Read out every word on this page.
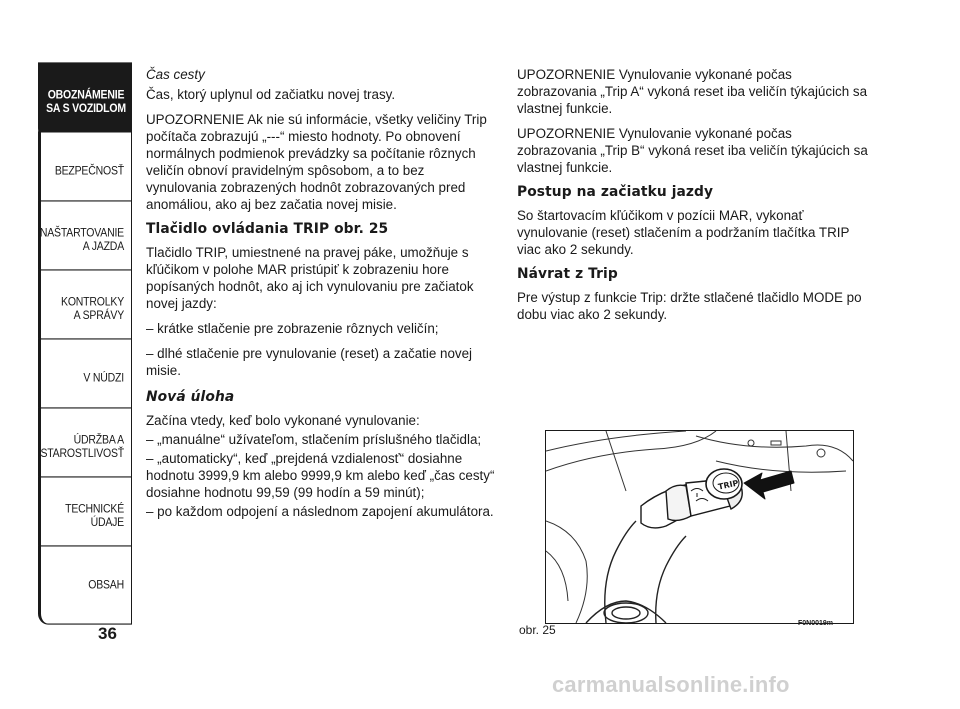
OBOZNÁMENIE
SA S VOZIDLOM
BEZPEČNOSŤ
NAŠTARTOVANIE
A JAZDA
KONTROLKY
A SPRÁVY
V NÚDZI
ÚDRŽBA A
STAROSTLIVOSŤ
TECHNICKÉ
ÚDAJE
OBSAH
36

Čas cesty

Čas, ktorý uplynul od začiatku novej trasy.

UPOZORNENIE Ak nie sú informácie, všetky veličiny Trip počítača zobrazujú „---“ miesto hodnoty. Po obnovení normálnych podmienok prevádzky sa počítanie rôznych veličín obnoví pravidelným spôsobom, a to bez vynulovania zobrazených hodnôt zobrazovaných pred anomáliou, ako aj bez začatia novej misie.

Tlačidlo ovládania TRIP obr. 25

Tlačidlo TRIP, umiestnené na pravej páke, umožňuje s kľúčikom v polohe MAR pristúpiť k zobrazeniu hore popísaných hodnôt, ako aj ich vynulovaniu pre začiatok novej jazdy:

– krátke stlačenie pre zobrazenie rôznych veličín;

– dlhé stlačenie pre vynulovanie (reset) a začatie novej misie.

Nová úloha

Začína vtedy, keď bolo vykonané vynulovanie:

– „manuálne“ užívateľom, stlačením príslušného tlačidla;

– „automaticky“, keď „prejdená vzdialenosť“ dosiahne hodnotu 3999,9 km alebo 9999,9 km alebo keď „čas cesty“ dosiahne hodnotu 99,59 (99 hodín a 59 minút);

– po každom odpojení a následnom zapojení akumulátora.

UPOZORNENIE Vynulovanie vykonané počas zobrazovania „Trip A“ vykoná reset iba veličín týkajúcich sa vlastnej funkcie.

UPOZORNENIE Vynulovanie vykonané počas zobrazovania „Trip B“ vykoná reset iba veličín týkajúcich sa vlastnej funkcie.

Postup na začiatku jazdy

So štartovacím kľúčikom v pozícii MAR, vykonať vynulovanie (reset) stlačením a podržaním tlačítka TRIP viac ako 2 sekundy.

Návrat z Trip

Pre výstup z funkcie Trip: držte stlačené tlačidlo MODE po dobu viac ako 2 sekundy.

TRIP
obr. 25	F0N0019m
carmanualsonline.info
